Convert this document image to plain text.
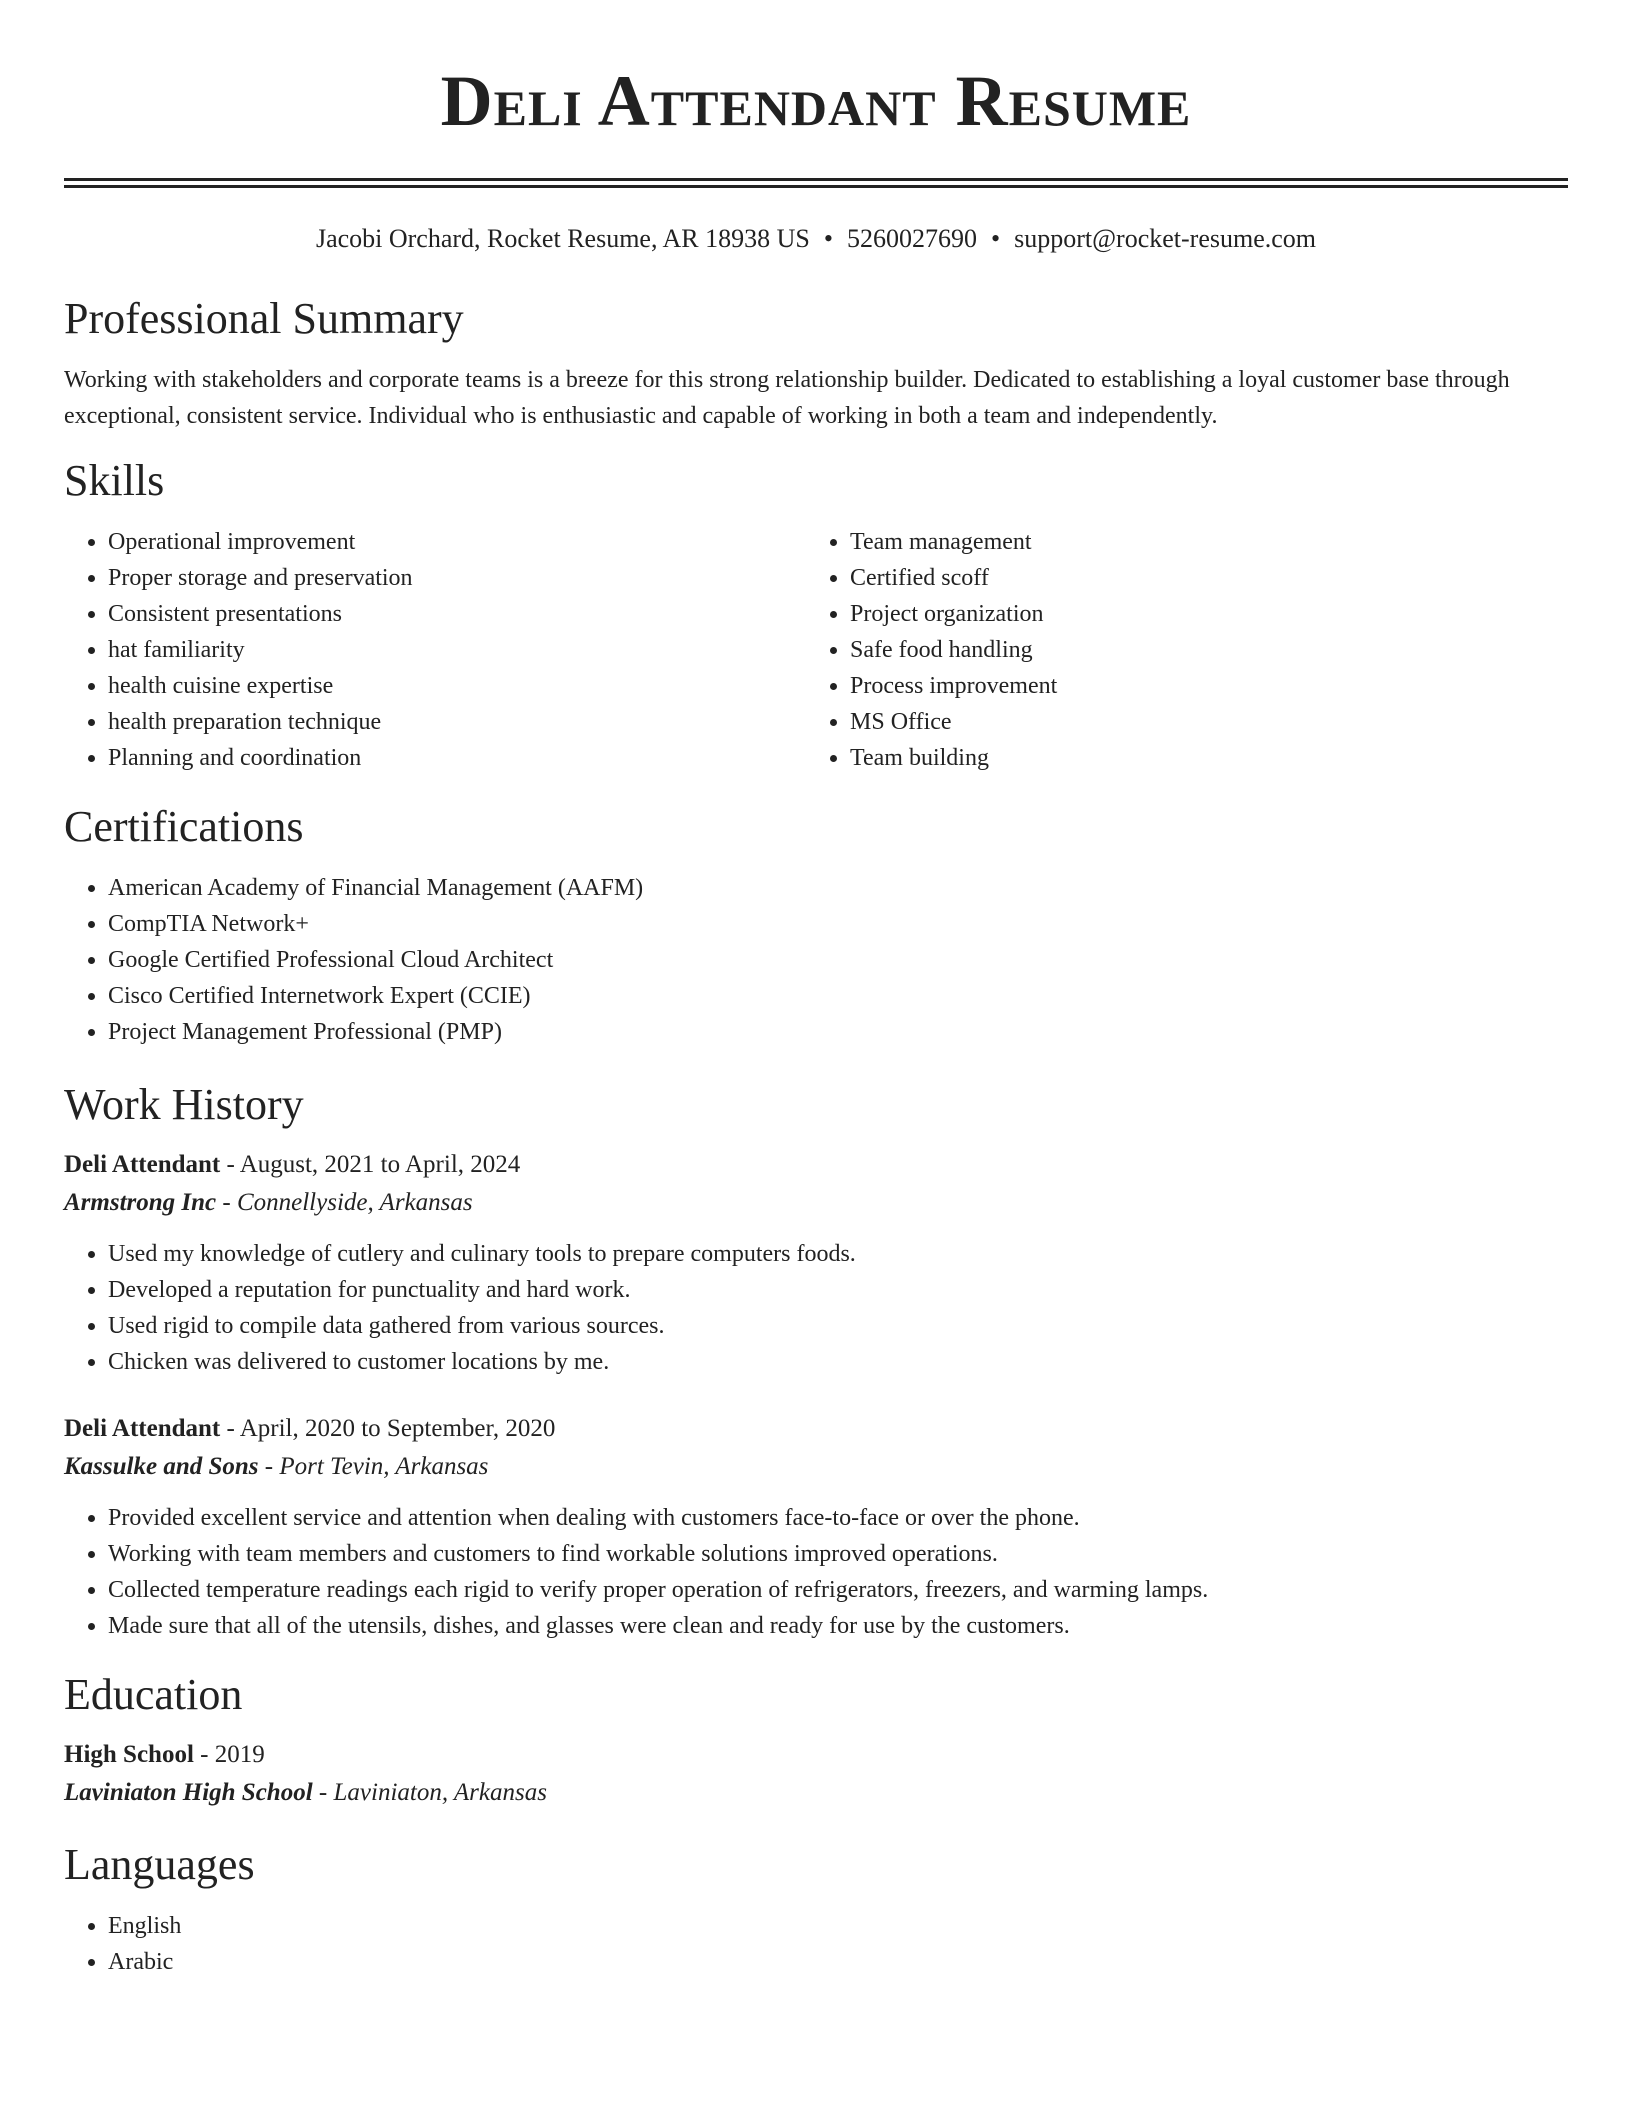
Deli Attendant Resume
Jacobi Orchard, Rocket Resume, AR 18938 US • 5260027690 • support@rocket-resume.com
Professional Summary

Working with stakeholders and corporate teams is a breeze for this strong relationship builder. Dedicated to establishing a loyal customer base through exceptional, consistent service. Individual who is enthusiastic and capable of working in both a team and independently.

Skills
• Operational improvement
• Proper storage and preservation
• Consistent presentations
• hat familiarity
• health cuisine expertise
• health preparation technique
• Planning and coordination
• Team management
• Certified scoff
• Project organization
• Safe food handling
• Process improvement
• MS Office
• Team building
Certifications
• American Academy of Financial Management (AAFM)
• CompTIA Network+
• Google Certified Professional Cloud Architect
• Cisco Certified Internetwork Expert (CCIE)
• Project Management Professional (PMP)
Work History
Deli Attendant - August, 2021 to April, 2024
Armstrong Inc - Connellyside, Arkansas
• Used my knowledge of cutlery and culinary tools to prepare computers foods.
• Developed a reputation for punctuality and hard work.
• Used rigid to compile data gathered from various sources.
• Chicken was delivered to customer locations by me.
Deli Attendant - April, 2020 to September, 2020
Kassulke and Sons - Port Tevin, Arkansas
• Provided excellent service and attention when dealing with customers face-to-face or over the phone.
• Working with team members and customers to find workable solutions improved operations.
• Collected temperature readings each rigid to verify proper operation of refrigerators, freezers, and warming lamps.
• Made sure that all of the utensils, dishes, and glasses were clean and ready for use by the customers.
Education
High School - 2019
Laviniaton High School - Laviniaton, Arkansas
Languages
• English
• Arabic
